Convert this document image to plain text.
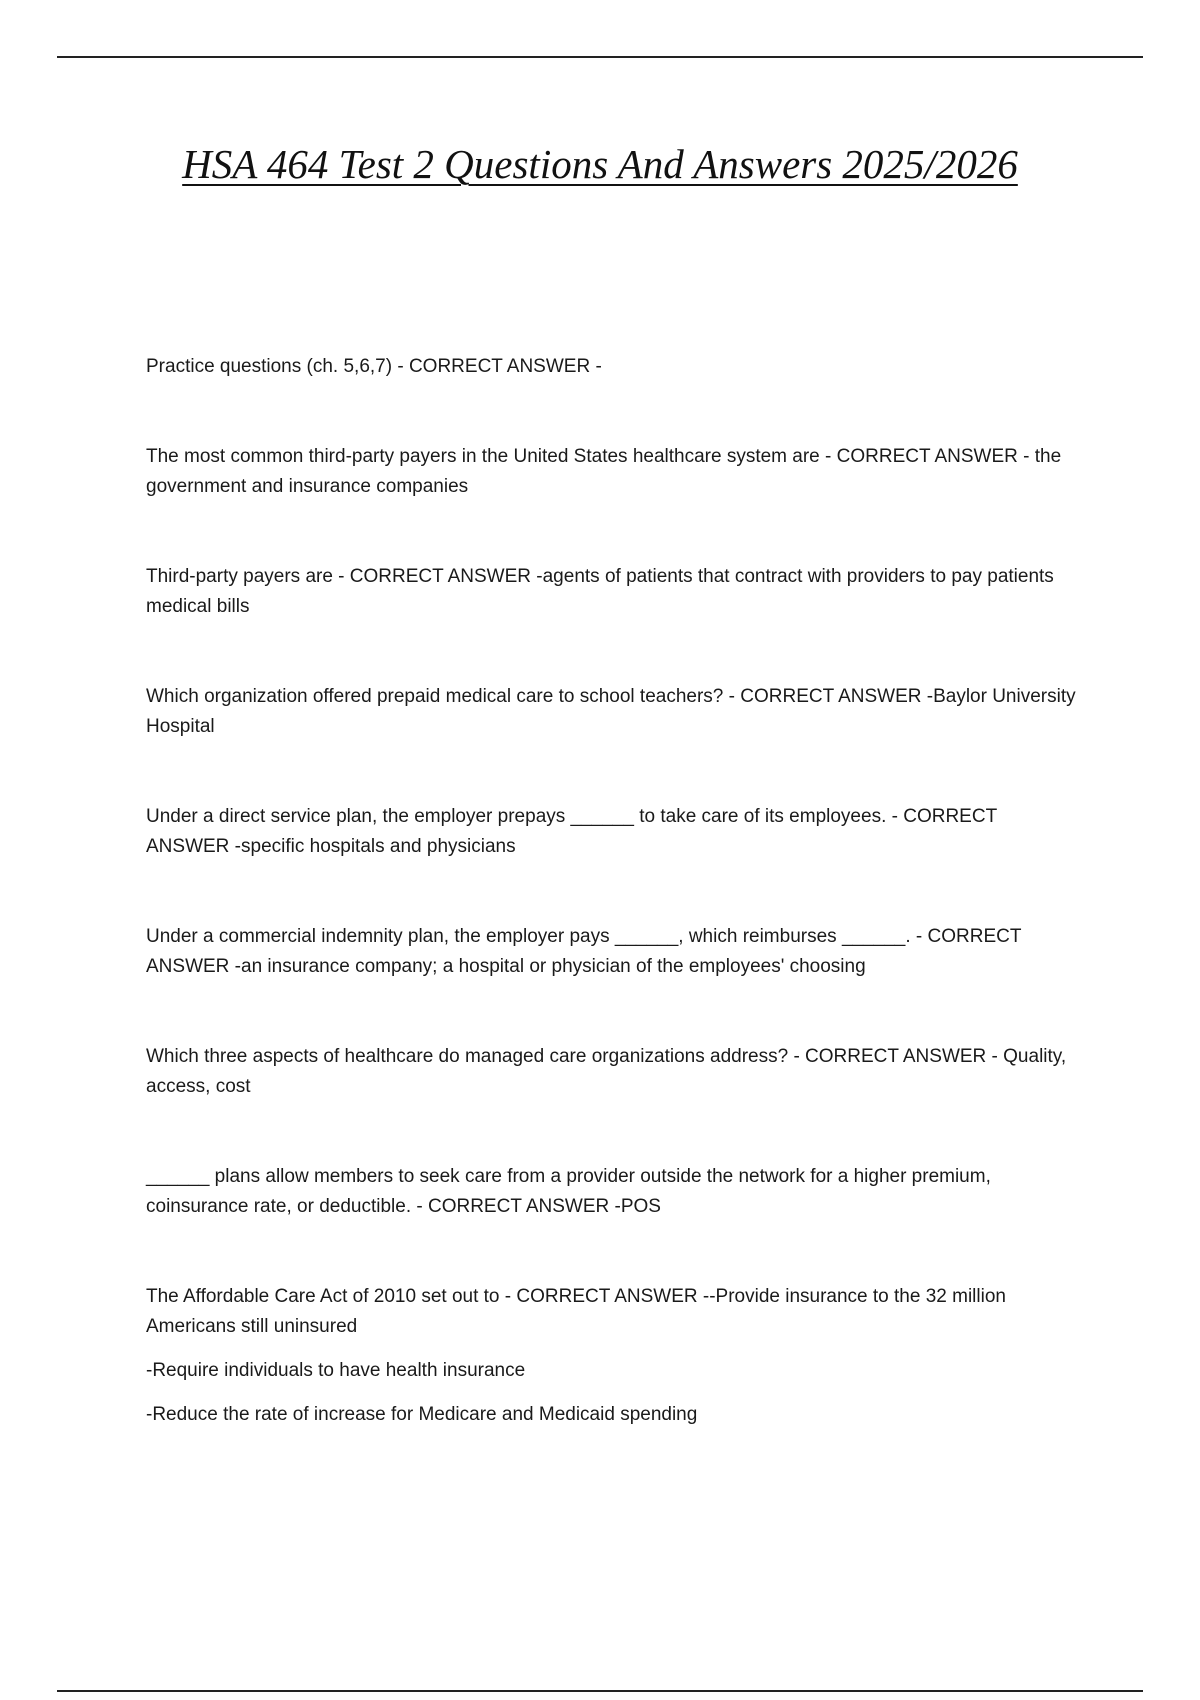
HSA 464 Test 2 Questions And Answers 2025/2026

Practice questions (ch. 5,6,7) - CORRECT ANSWER -

The most common third-party payers in the United States healthcare system are - CORRECT ANSWER - the government and insurance companies

Third-party payers are - CORRECT ANSWER -agents of patients that contract with providers to pay patients medical bills

Which organization offered prepaid medical care to school teachers? - CORRECT ANSWER -Baylor University Hospital

Under a direct service plan, the employer prepays ______ to take care of its employees. - CORRECT ANSWER -specific hospitals and physicians

Under a commercial indemnity plan, the employer pays ______, which reimburses ______. - CORRECT ANSWER -an insurance company; a hospital or physician of the employees' choosing

Which three aspects of healthcare do managed care organizations address? - CORRECT ANSWER - Quality, access, cost

______ plans allow members to seek care from a provider outside the network for a higher premium, coinsurance rate, or deductible. - CORRECT ANSWER -POS

The Affordable Care Act of 2010 set out to - CORRECT ANSWER --Provide insurance to the 32 million Americans still uninsured
-Require individuals to have health insurance
-Reduce the rate of increase for Medicare and Medicaid spending
